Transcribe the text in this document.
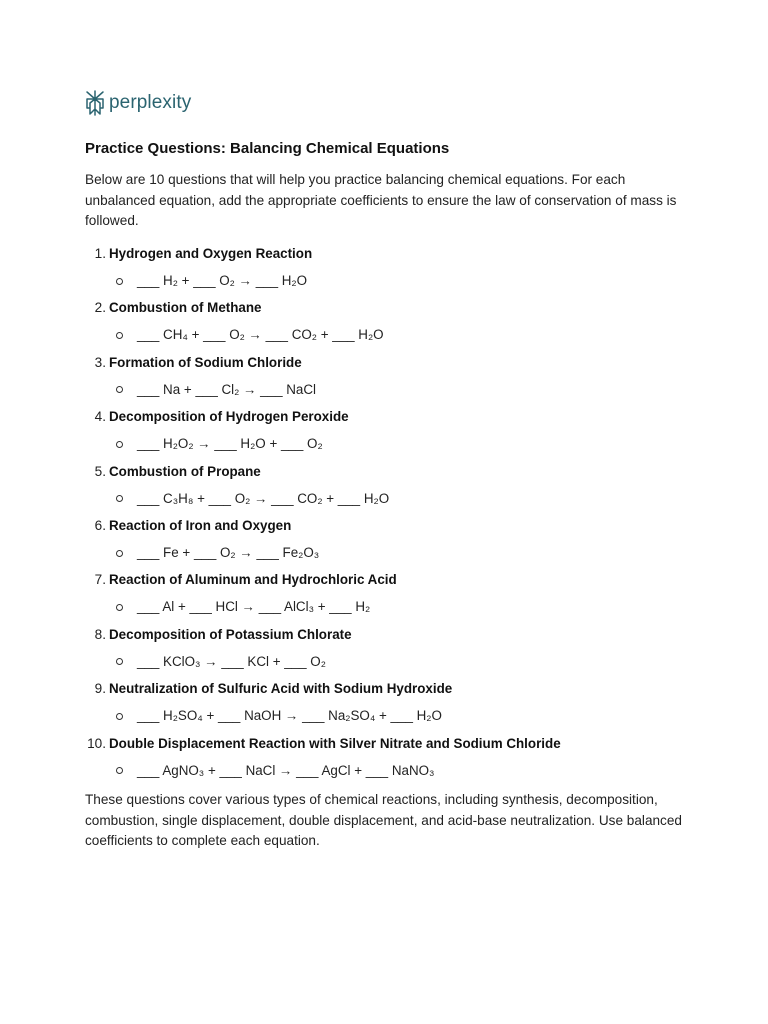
perplexity
Practice Questions: Balancing Chemical Equations

Below are 10 questions that will help you practice balancing chemical equations. For each unbalanced equation, add the appropriate coefficients to ensure the law of conservation of mass is followed.

1. Hydrogen and Oxygen Reaction
___ H₂ + ___ O₂ → ___ H₂O
2. Combustion of Methane
___ CH₄ + ___ O₂ → ___ CO₂ + ___ H₂O
3. Formation of Sodium Chloride
___ Na + ___ Cl₂ → ___ NaCl
4. Decomposition of Hydrogen Peroxide
___ H₂O₂ → ___ H₂O + ___ O₂
5. Combustion of Propane
___ C₃H₈ + ___ O₂ → ___ CO₂ + ___ H₂O
6. Reaction of Iron and Oxygen
___ Fe + ___ O₂ → ___ Fe₂O₃
7. Reaction of Aluminum and Hydrochloric Acid
___ Al + ___ HCl → ___ AlCl₃ + ___ H₂
8. Decomposition of Potassium Chlorate
___ KClO₃ → ___ KCl + ___ O₂
9. Neutralization of Sulfuric Acid with Sodium Hydroxide
___ H₂SO₄ + ___ NaOH → ___ Na₂SO₄ + ___ H₂O
10. Double Displacement Reaction with Silver Nitrate and Sodium Chloride
___ AgNO₃ + ___ NaCl → ___ AgCl + ___ NaNO₃

These questions cover various types of chemical reactions, including synthesis, decomposition, combustion, single displacement, double displacement, and acid-base neutralization. Use balanced coefficients to complete each equation.
